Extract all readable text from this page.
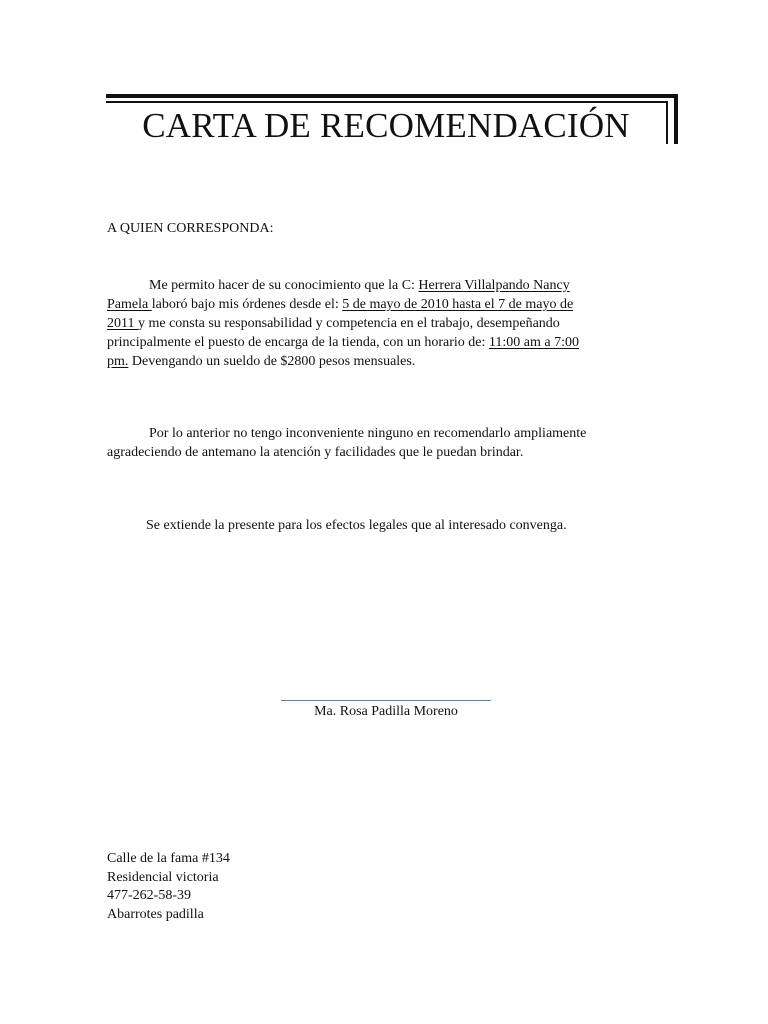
CARTA DE RECOMENDACIÓN

A QUIEN CORRESPONDA:

Me permito hacer de su conocimiento que la C: Herrera Villalpando Nancy
Pamela laboró bajo mis órdenes desde el: 5 de mayo de 2010 hasta el 7 de mayo de
2011 y me consta su responsabilidad y competencia en el trabajo, desempeñando
principalmente el puesto de encarga de la tienda, con un horario de: 11:00 am a 7:00
pm. Devengando un sueldo de $2800 pesos mensuales.

Por lo anterior no tengo inconveniente ninguno en recomendarlo ampliamente
agradeciendo de antemano la atención y facilidades que le puedan brindar.

Se extiende la presente para los efectos legales que al interesado convenga.

Ma. Rosa Padilla Moreno

Calle de la fama #134
Residencial victoria
477-262-58-39
Abarrotes padilla
